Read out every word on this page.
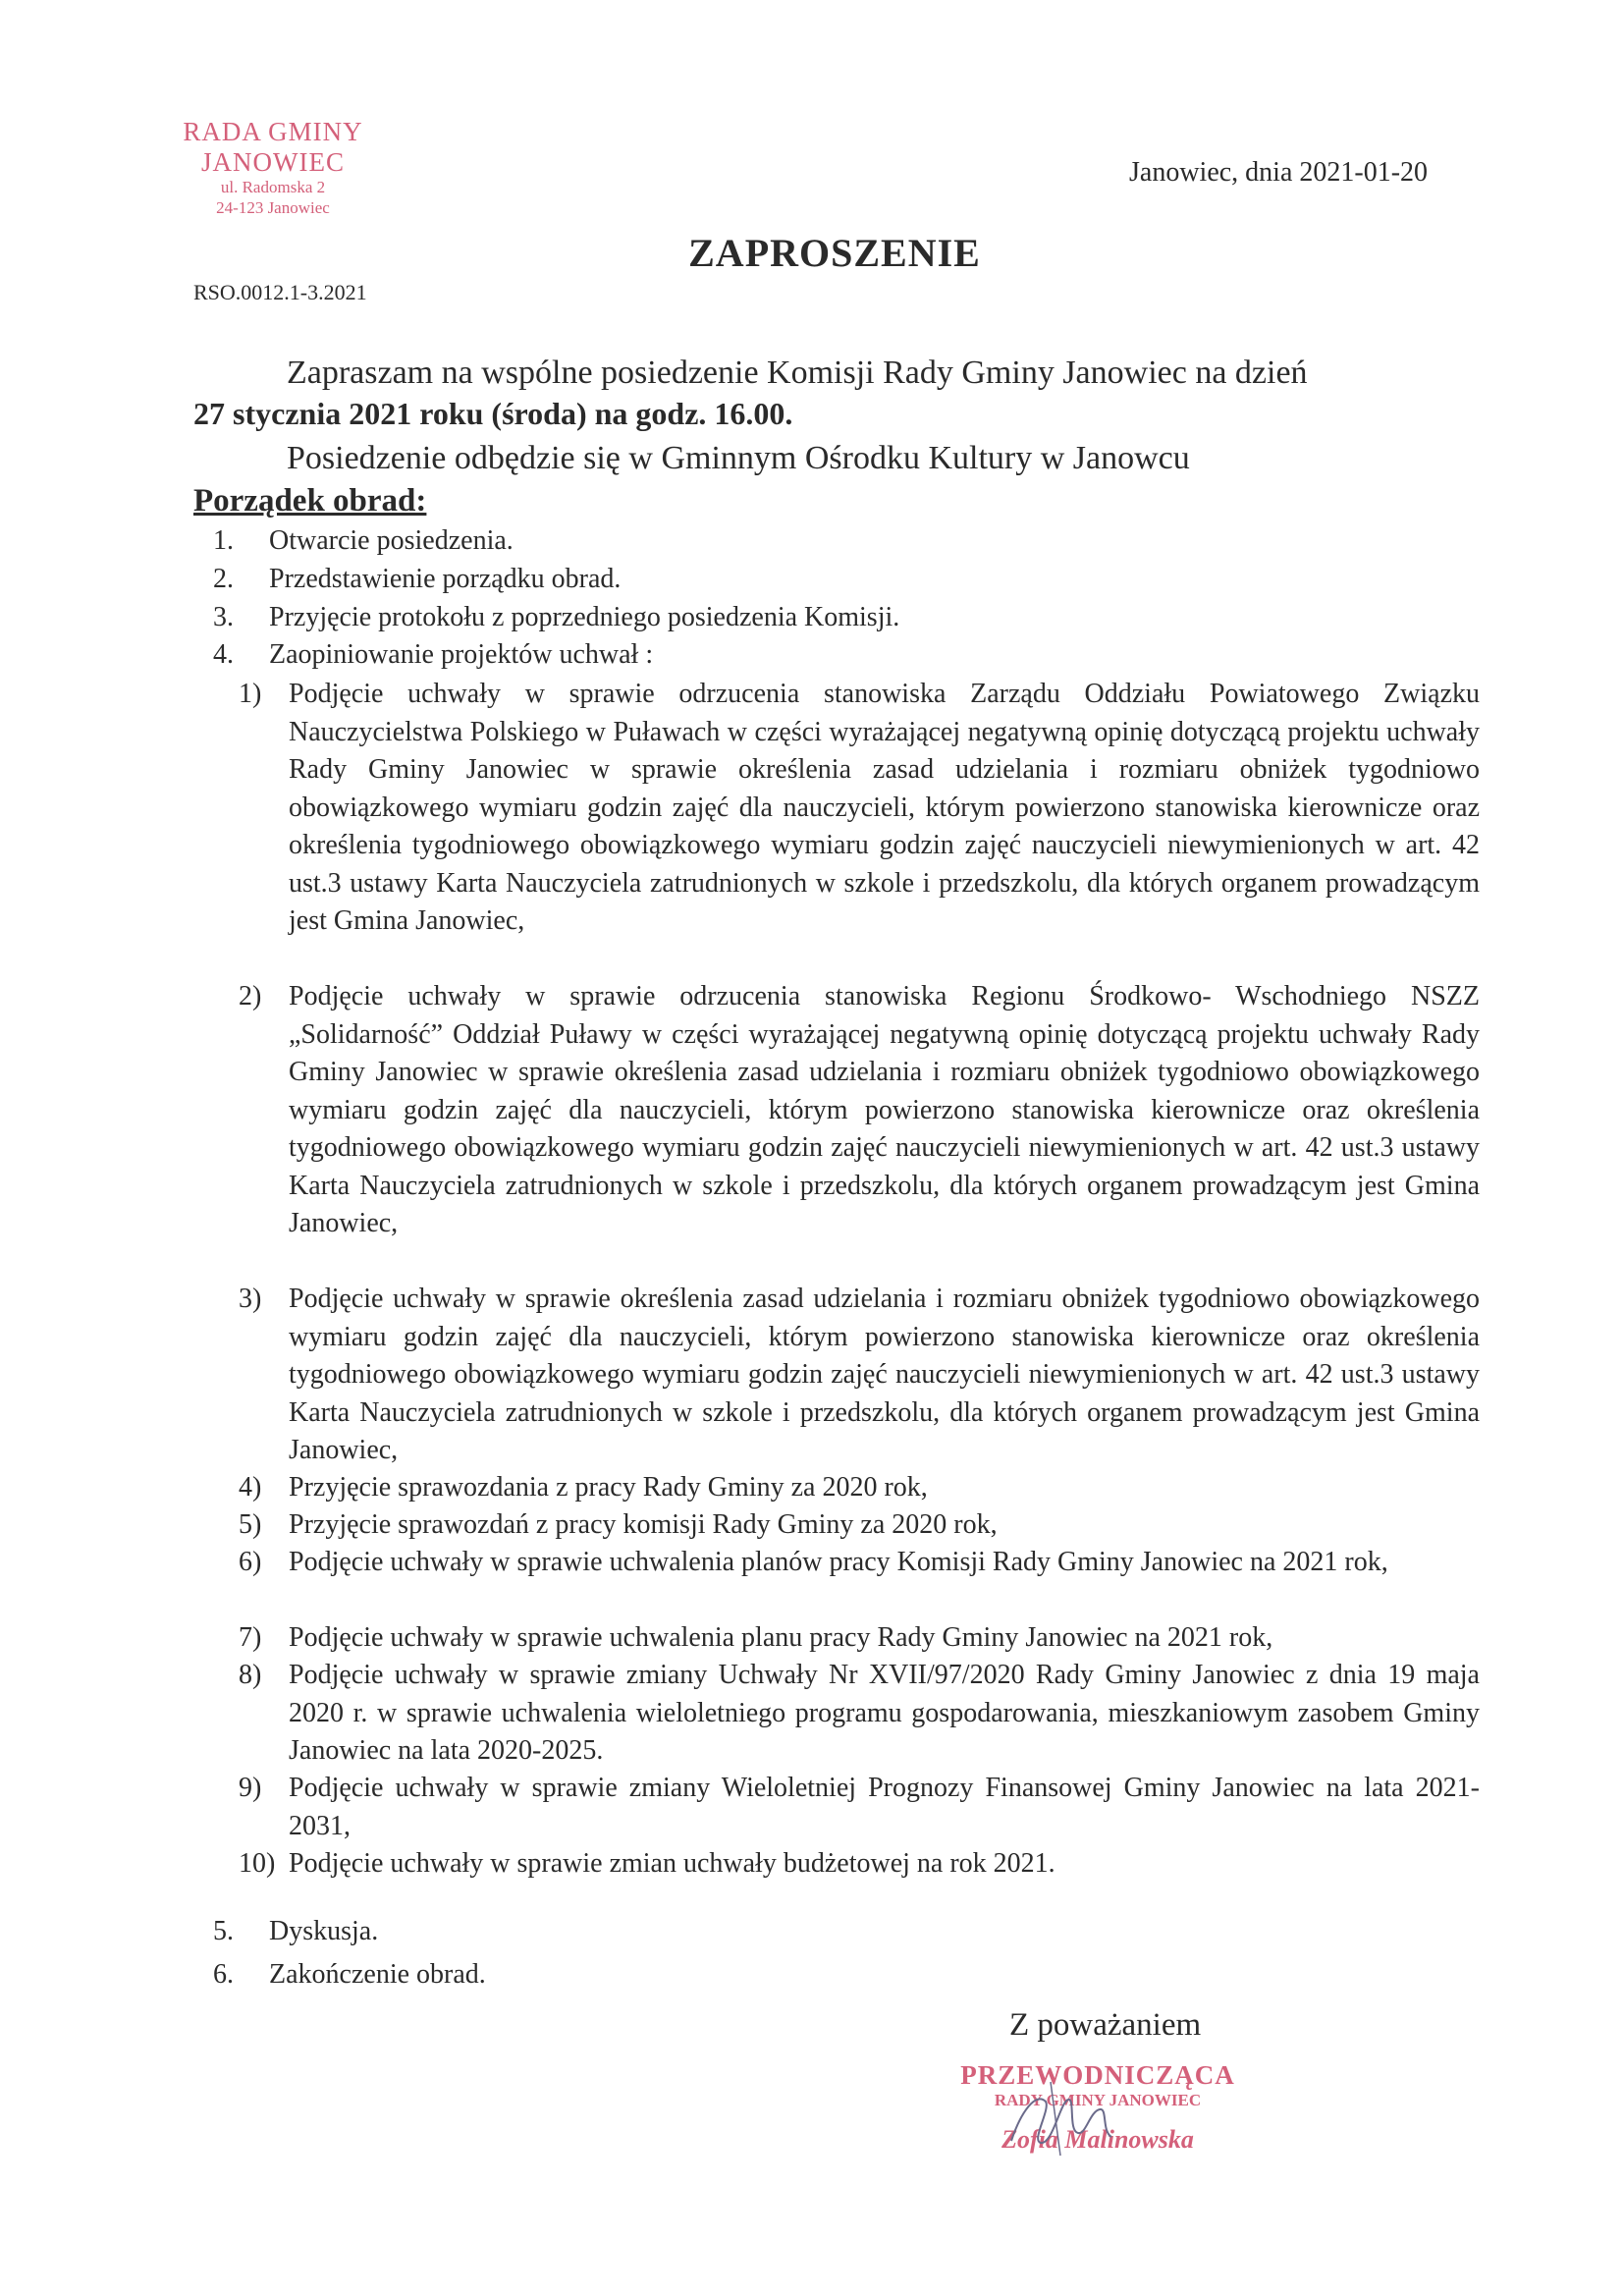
RADA GMINY
JANOWIEC
ul. Radomska 2
24-123 Janowiec
Janowiec, dnia 2021-01-20
RSO.0012.1-3.2021
ZAPROSZENIE
Zapraszam na wspólne posiedzenie Komisji Rady Gminy Janowiec na dzień
27 stycznia 2021 roku (środa) na godz. 16.00.
Posiedzenie odbędzie się w Gminnym Ośrodku Kultury w Janowcu
Porządek obrad:
1. Otwarcie posiedzenia.
2. Przedstawienie porządku obrad.
3. Przyjęcie protokołu z poprzedniego posiedzenia Komisji.
4. Zaopiniowanie projektów uchwał :
1) Podjęcie uchwały w sprawie odrzucenia stanowiska Zarządu Oddziału Powiatowego Związku Nauczycielstwa Polskiego w Puławach w części wyrażającej negatywną opinię dotyczącą projektu uchwały Rady Gminy Janowiec w sprawie określenia zasad udzielania i rozmiaru obniżek tygodniowo obowiązkowego wymiaru godzin zajęć dla nauczycieli, którym powierzono stanowiska kierownicze oraz określenia tygodniowego obowiązkowego wymiaru godzin zajęć nauczycieli niewymienionych w art. 42 ust.3 ustawy Karta Nauczyciela zatrudnionych w szkole i przedszkolu, dla których organem prowadzącym jest Gmina Janowiec,
2) Podjęcie uchwały w sprawie odrzucenia stanowiska Regionu Środkowo- Wschodniego NSZZ „Solidarność” Oddział Puławy w części wyrażającej negatywną opinię dotyczącą projektu uchwały Rady Gminy Janowiec w sprawie określenia zasad udzielania i rozmiaru obniżek tygodniowo obowiązkowego wymiaru godzin zajęć dla nauczycieli, którym powierzono stanowiska kierownicze oraz określenia tygodniowego obowiązkowego wymiaru godzin zajęć nauczycieli niewymienionych w art. 42 ust.3 ustawy Karta Nauczyciela zatrudnionych w szkole i przedszkolu, dla których organem prowadzącym jest Gmina Janowiec,
3) Podjęcie uchwały w sprawie określenia zasad udzielania i rozmiaru obniżek tygodniowo obowiązkowego wymiaru godzin zajęć dla nauczycieli, którym powierzono stanowiska kierownicze oraz określenia tygodniowego obowiązkowego wymiaru godzin zajęć nauczycieli niewymienionych w art. 42 ust.3 ustawy Karta Nauczyciela zatrudnionych w szkole i przedszkolu, dla których organem prowadzącym jest Gmina Janowiec,
4) Przyjęcie sprawozdania z pracy Rady Gminy za 2020 rok,
5) Przyjęcie sprawozdań z pracy komisji Rady Gminy za 2020 rok,
6) Podjęcie uchwały w sprawie uchwalenia planów pracy Komisji Rady Gminy Janowiec na 2021 rok,
7) Podjęcie uchwały w sprawie uchwalenia planu pracy Rady Gminy Janowiec na 2021 rok,
8) Podjęcie uchwały w sprawie zmiany Uchwały Nr XVII/97/2020 Rady Gminy Janowiec z dnia 19 maja 2020 r. w sprawie uchwalenia wieloletniego programu gospodarowania, mieszkaniowym zasobem Gminy Janowiec na lata 2020-2025.
9) Podjęcie uchwały w sprawie zmiany Wieloletniej Prognozy Finansowej Gminy Janowiec na lata 2021-2031,
10) Podjęcie uchwały w sprawie zmian uchwały budżetowej na rok 2021.
5. Dyskusja.
6. Zakończenie obrad.
Z poważaniem
PRZEWODNICZĄCA
RADY GMINY JANOWIEC
Zofia Malinowska
